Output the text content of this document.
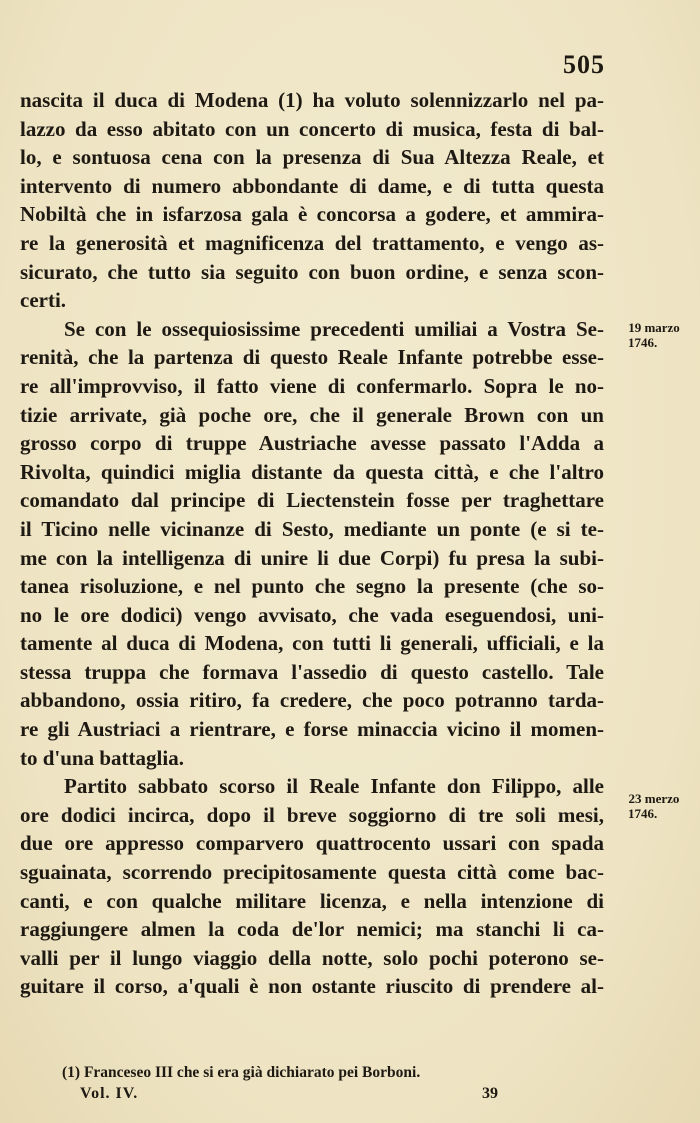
505
nascita il duca di Modena (1) ha voluto solennizzarlo nel pa-
lazzo da esso abitato con un concerto di musica, festa di bal-
lo, e sontuosa cena con la presenza di Sua Altezza Reale, et
intervento di numero abbondante di dame, e di tutta questa
Nobiltà che in isfarzosa gala è concorsa a godere, et ammira-
re la generosità et magnificenza del trattamento, e vengo as-
sicurato, che tutto sia seguito con buon ordine, e senza scon-
certi.
Se con le ossequiosissime precedenti umiliai a Vostra Se-
renità, che la partenza di questo Reale Infante potrebbe esse-
re all'improvviso, il fatto viene di confermarlo. Sopra le no-
tizie arrivate, già poche ore, che il generale Brown con un
grosso corpo di truppe Austriache avesse passato l'Adda a
Rivolta, quindici miglia distante da questa città, e che l'altro
comandato dal principe di Liectenstein fosse per traghettare
il Ticino nelle vicinanze di Sesto, mediante un ponte (e si te-
me con la intelligenza di unire li due Corpi) fu presa la subi-
tanea risoluzione, e nel punto che segno la presente (che so-
no le ore dodici) vengo avvisato, che vada eseguendosi, uni-
tamente al duca di Modena, con tutti li generali, ufficiali, e la
stessa truppa che formava l'assedio di questo castello. Tale
abbandono, ossia ritiro, fa credere, che poco potranno tarda-
re gli Austriaci a rientrare, e forse minaccia vicino il momen-
to d'una battaglia.
Partito sabbato scorso il Reale Infante don Filippo, alle
ore dodici incirca, dopo il breve soggiorno di tre soli mesi,
due ore appresso comparvero quattrocento ussari con spada
sguainata, scorrendo precipitosamente questa città come bac-
canti, e con qualche militare licenza, e nella intenzione di
raggiungere almen la coda de'lor nemici; ma stanchi li ca-
valli per il lungo viaggio della notte, solo pochi poterono se-
guitare il corso, a'quali è non ostante riuscito di prendere al-
19 marzo
1746.
23 merzo
1746.
(1) Franceseo III che si era già dichiarato pei Borboni.
Vol. IV.	39
